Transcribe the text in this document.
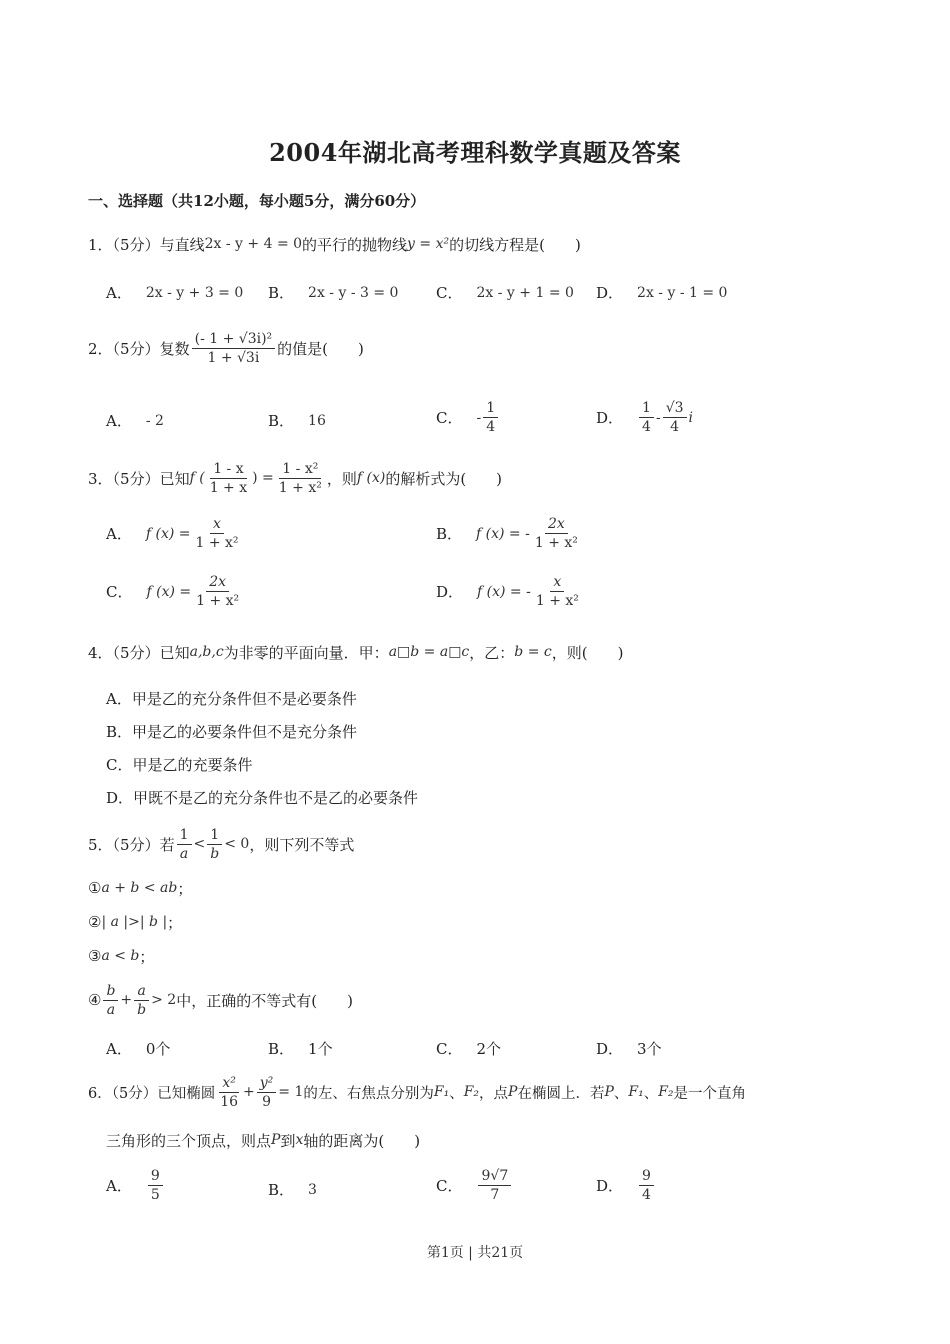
2004年湖北高考理科数学真题及答案
一、选择题（共12小题，每小题5分，满分60分）
1．（5分） 与直线 2x - y + 4 = 0 的平行的抛物线 y = x² 的切线方程是(　　)
A． 2x - y + 3 = 0 B． 2x - y - 3 = 0	C． 2x - y + 1 = 0 D． 2x - y - 1 = 0
2．（5分） 复数 $\frac{\text{(- 1 + √3i)²}}{1 + √3i}$ 的值是(　　)
A． - 2	B． 16	C． - $\frac{1}{4}$	D． $\frac{1}{4} - \frac{√3}{4}$ i
3．（5分） 已知 f ( $\frac{1 - x}{1 + x}$ ) = $\frac{\text{1 - x²}}{\text{1 + x²}}$ ，则 f (x) 的解析式为(　　)
A． f $(x) = \frac{x}{\text{1 + x²}}$	B． f (x) = - $\frac{2x}{\text{1 + x²}}$
C． f $(x) = \frac{2x}{\text{1 + x²}}$	D． f (x) = - $\frac{x}{\text{1 + x²}}$
4．（5分） 已知 a,b,c 为非零的平面向量．甲： a□b = a□c ，乙： b = c ，则(　　)
A．甲是乙的充分条件但不是必要条件
B．甲是乙的必要条件但不是充分条件
C．甲是乙的充要条件
D．甲既不是乙的充分条件也不是乙的必要条件
5．（5分） 若 $\frac{1}{a} < \frac{1}{b} < 0$ ，则下列不等式
① a + b < ab ；
② | a |>| b | ；
③ a < b ；
④ $\frac{b}{a} + \frac{a}{b} > 2$ 中，正确的不等式有(　　)
A． 0个	B． 1个	C． 2个	D． 3个
6．（5分） 已知椭圆 $\frac{\text{x²}}{16} + \frac{\text{y²}}{9} = 1$ 的左、右焦点分别为 F₁ 、 F₂ ，点 P 在椭圆上．若 P 、 F₁ 、 F₂ 是一个直角
三角形的三个顶点，则点 P 到 x 轴的距离为(　　)
A． $\frac{9}{5}$	B． 3	C． $\frac{9√7}{7}$	D． $\frac{9}{4}$
第1页 | 共21页
